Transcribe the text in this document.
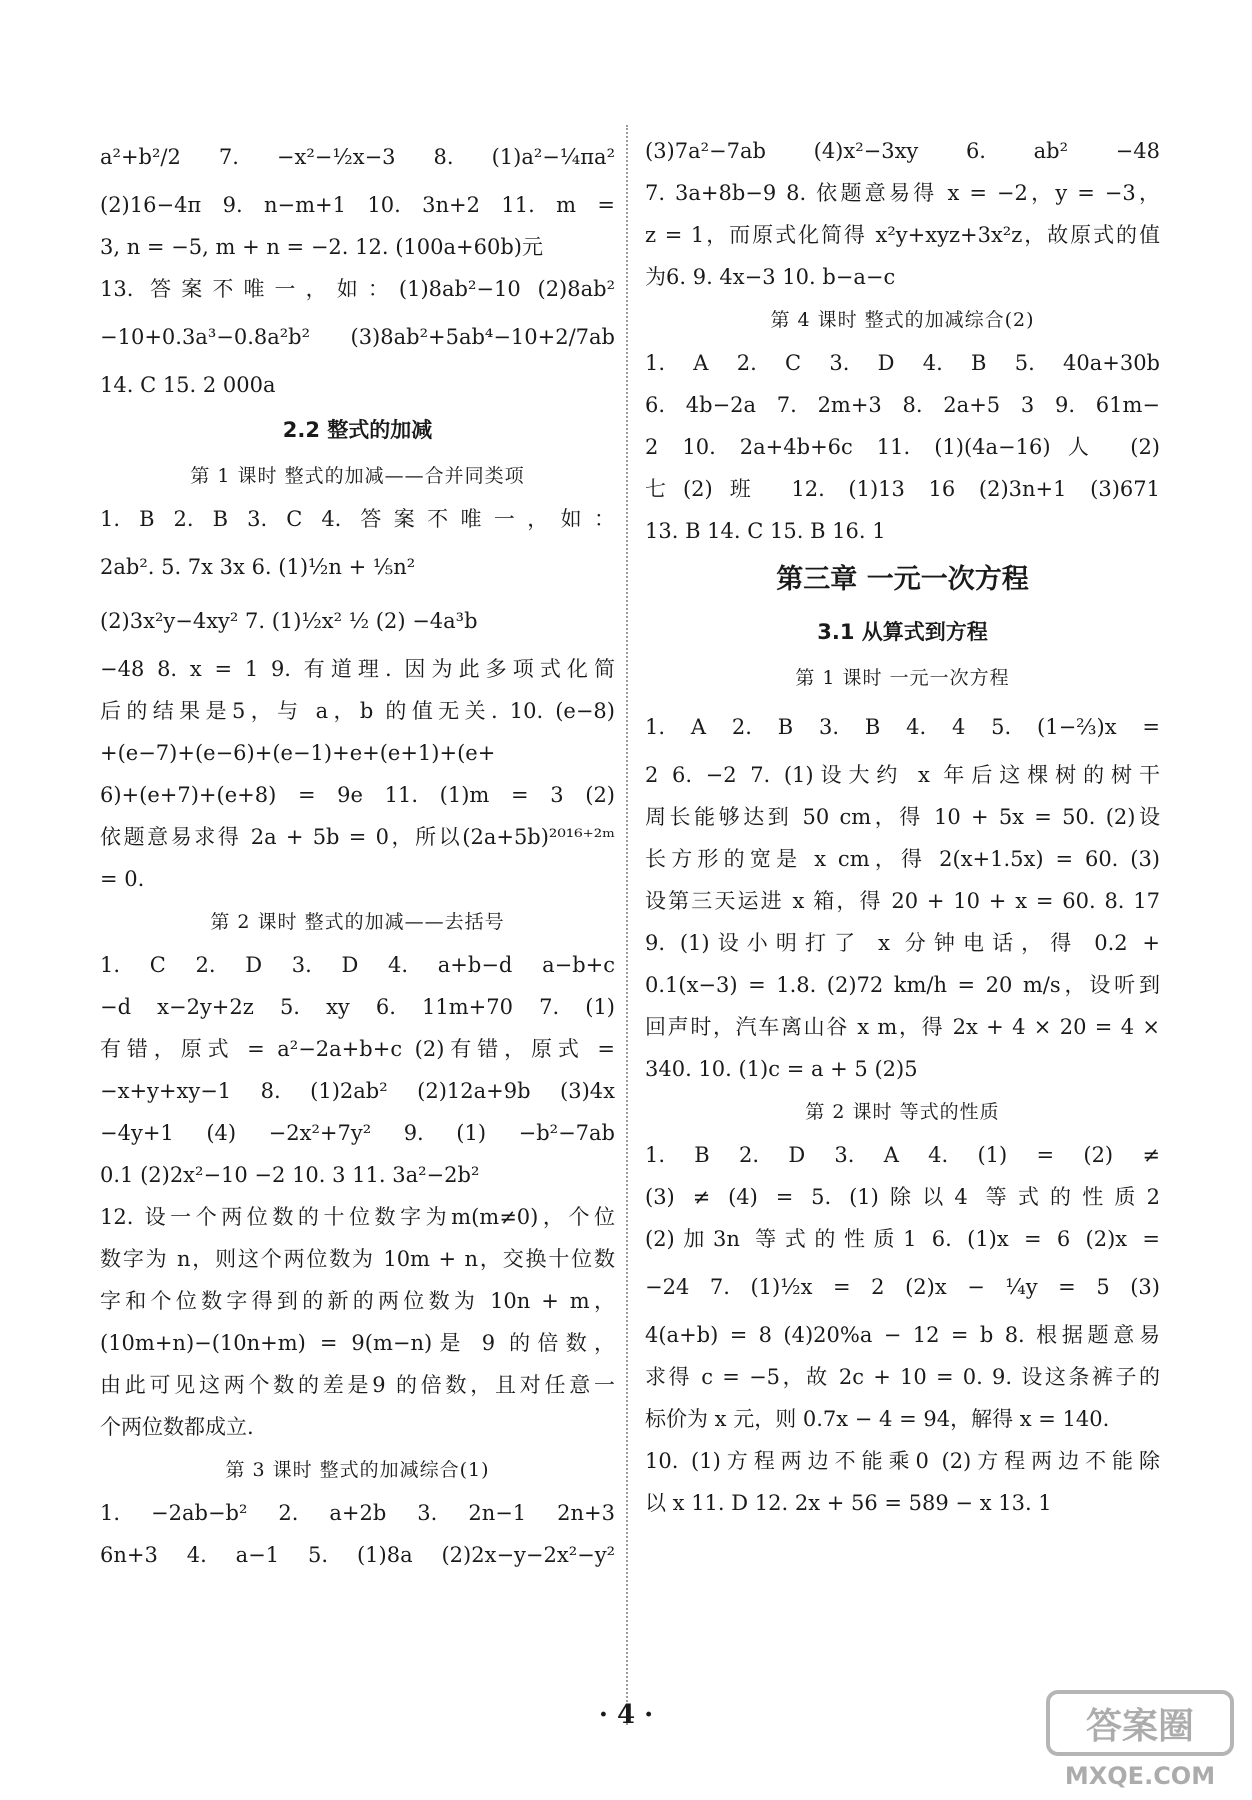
a²+b²/2 7. −x²−½x−3 8. (1)a²−¼πa²
(2)16−4π 9. n−m+1 10. 3n+2 11. m =
3, n = −5, m + n = −2. 12. (100a+60b)元
13. 答案不唯一，如：(1)8ab²−10 (2)8ab²
−10+0.3a³−0.8a²b² (3)8ab²+5ab⁴−10+2/7ab
14. C 15. 2 000a
2.2 整式的加减
第 1 课时 整式的加减——合并同类项
1. B 2. B 3. C 4. 答案不唯一，如：
2ab². 5. 7x 3x 6. (1)½n + ⅕n²
(2)3x²y−4xy² 7. (1)½x² ½ (2) −4a³b
−48 8. x = 1 9. 有道理. 因为此多项式化简
后的结果是5，与 a，b 的值无关. 10. (e−8)
+(e−7)+(e−6)+(e−1)+e+(e+1)+(e+
6)+(e+7)+(e+8) = 9e 11. (1)m = 3 (2)
依题意易求得 2a + 5b = 0，所以(2a+5b)²⁰¹⁶⁺²ᵐ
= 0.
第 2 课时 整式的加减——去括号
1. C 2. D 3. D 4. a+b−d a−b+c
−d x−2y+2z 5. xy 6. 11m+70 7. (1)
有错，原式 = a²−2a+b+c (2)有错，原式 =
−x+y+xy−1 8. (1)2ab² (2)12a+9b (3)4x
−4y+1 (4) −2x²+7y² 9. (1) −b²−7ab
0.1 (2)2x²−10 −2 10. 3 11. 3a²−2b²
12. 设一个两位数的十位数字为m(m≠0)，个位
数字为 n，则这个两位数为 10m + n，交换十位数
字和个位数字得到的新的两位数为 10n + m，
(10m+n)−(10n+m) = 9(m−n)是 9 的倍数，
由此可见这两个数的差是9 的倍数，且对任意一
个两位数都成立.
第 3 课时 整式的加减综合(1)
1. −2ab−b² 2. a+2b 3. 2n−1 2n+3
6n+3 4. a−1 5. (1)8a (2)2x−y−2x²−y²
(3)7a²−7ab (4)x²−3xy 6. ab² −48
7. 3a+8b−9 8. 依题意易得 x = −2，y = −3，
z = 1，而原式化简得 x²y+xyz+3x²z，故原式的值
为6. 9. 4x−3 10. b−a−c
第 4 课时 整式的加减综合(2)
1. A 2. C 3. D 4. B 5. 40a+30b
6. 4b−2a 7. 2m+3 8. 2a+5 3 9. 61m−
2 10. 2a+4b+6c 11. (1)(4a−16)人 (2)
七(2)班 12. (1)13 16 (2)3n+1 (3)671
13. B 14. C 15. B 16. 1
第三章 一元一次方程
3.1 从算式到方程
第 1 课时 一元一次方程
1. A 2. B 3. B 4. 4 5. (1−⅔)x =
2 6. −2 7. (1)设大约 x 年后这棵树的树干
周长能够达到 50 cm，得 10 + 5x = 50. (2)设
长方形的宽是 x cm，得 2(x+1.5x) = 60. (3)
设第三天运进 x 箱，得 20 + 10 + x = 60. 8. 17
9. (1)设小明打了 x 分钟电话，得 0.2 +
0.1(x−3) = 1.8. (2)72 km/h = 20 m/s，设听到
回声时，汽车离山谷 x m，得 2x + 4 × 20 = 4 ×
340. 10. (1)c = a + 5 (2)5
第 2 课时 等式的性质
1. B 2. D 3. A 4. (1) = (2) ≠
(3) ≠ (4) = 5. (1)除以4 等式的性质2
(2)加3n 等式的性质1 6. (1)x = 6 (2)x =
−24 7. (1)½x = 2 (2)x − ¼y = 5 (3)
4(a+b) = 8 (4)20%a − 12 = b 8. 根据题意易
求得 c = −5，故 2c + 10 = 0. 9. 设这条裤子的
标价为 x 元，则 0.7x − 4 = 94，解得 x = 140.
10. (1)方程两边不能乘0 (2)方程两边不能除
以 x 11. D 12. 2x + 56 = 589 − x 13. 1
· 4 ·	答案圈
MXQE.COM
